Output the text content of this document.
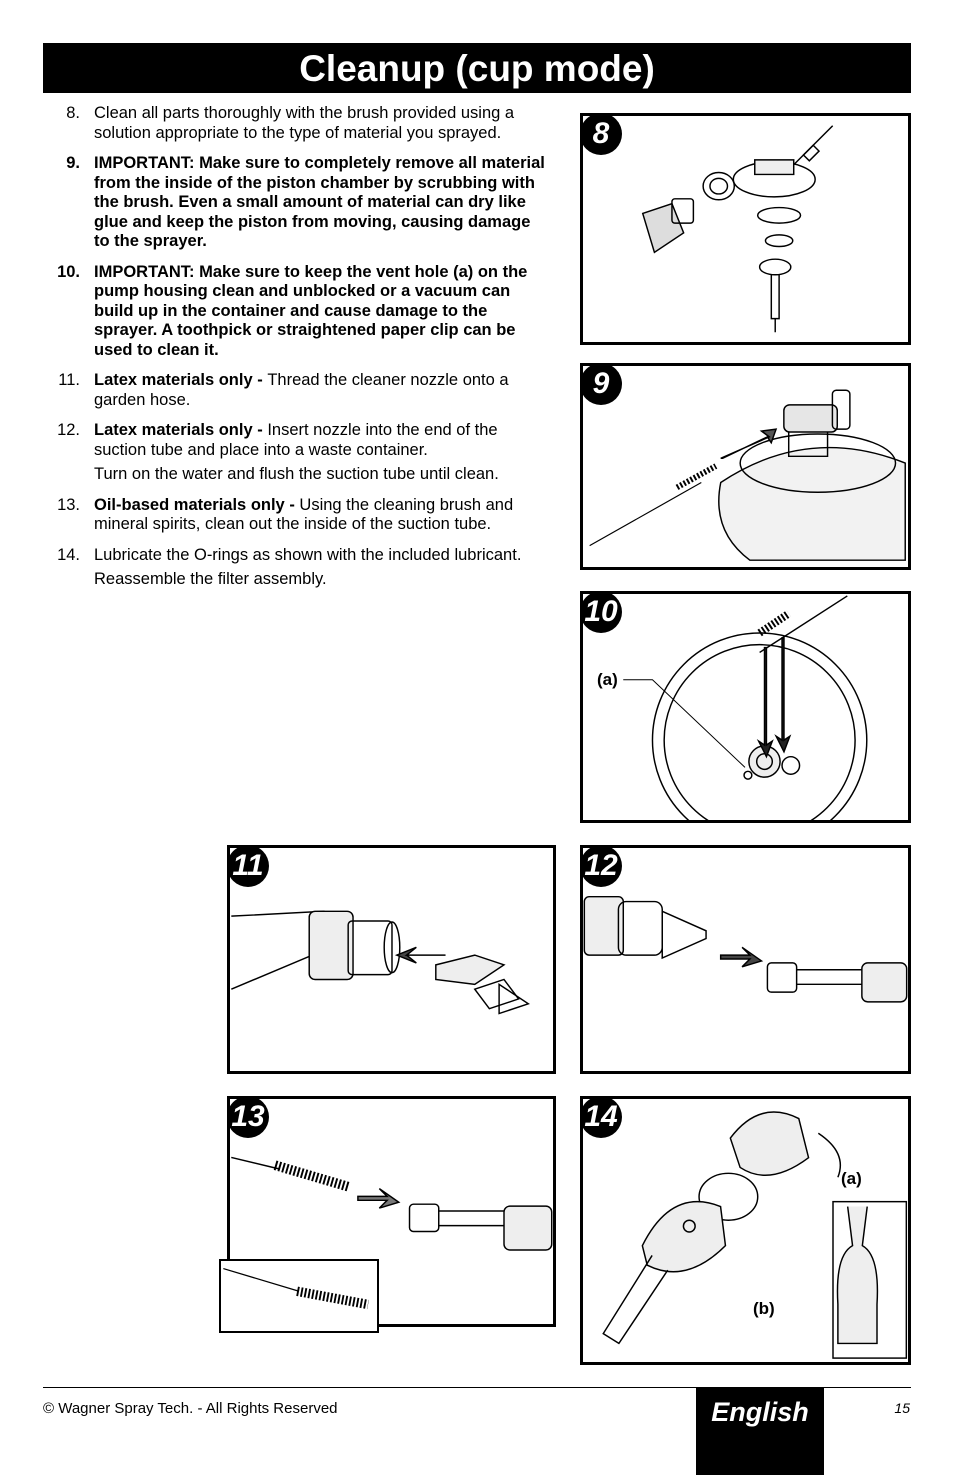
Cleanup (cup mode)
8. Clean all parts thoroughly with the brush provided using a solution appropriate to the type of material you sprayed.
9. IMPORTANT: Make sure to completely remove all material from the inside of the piston chamber by scrubbing with the brush. Even a small amount of material can dry like glue and keep the piston from moving, causing damage to the sprayer.
10. IMPORTANT: Make sure to keep the vent hole (a) on the pump housing clean and unblocked or a vacuum can build up in the container and cause damage to the sprayer. A toothpick or straightened paper clip can be used to clean it.
11. Latex materials only - Thread the cleaner nozzle onto a garden hose.
12. Latex materials only - Insert nozzle into the end of the suction tube and place into a waste container.
Turn on the water and flush the suction tube until clean.
13. Oil-based materials only - Using the cleaning brush and mineral spirits, clean out the inside of the suction tube.
14. Lubricate the O-rings as shown with the included lubricant.
Reassemble the filter assembly.
8
9
10
(a)
11	12
13	14
(a)
(b)
© Wagner Spray Tech. - All Rights Reserved	English	15
